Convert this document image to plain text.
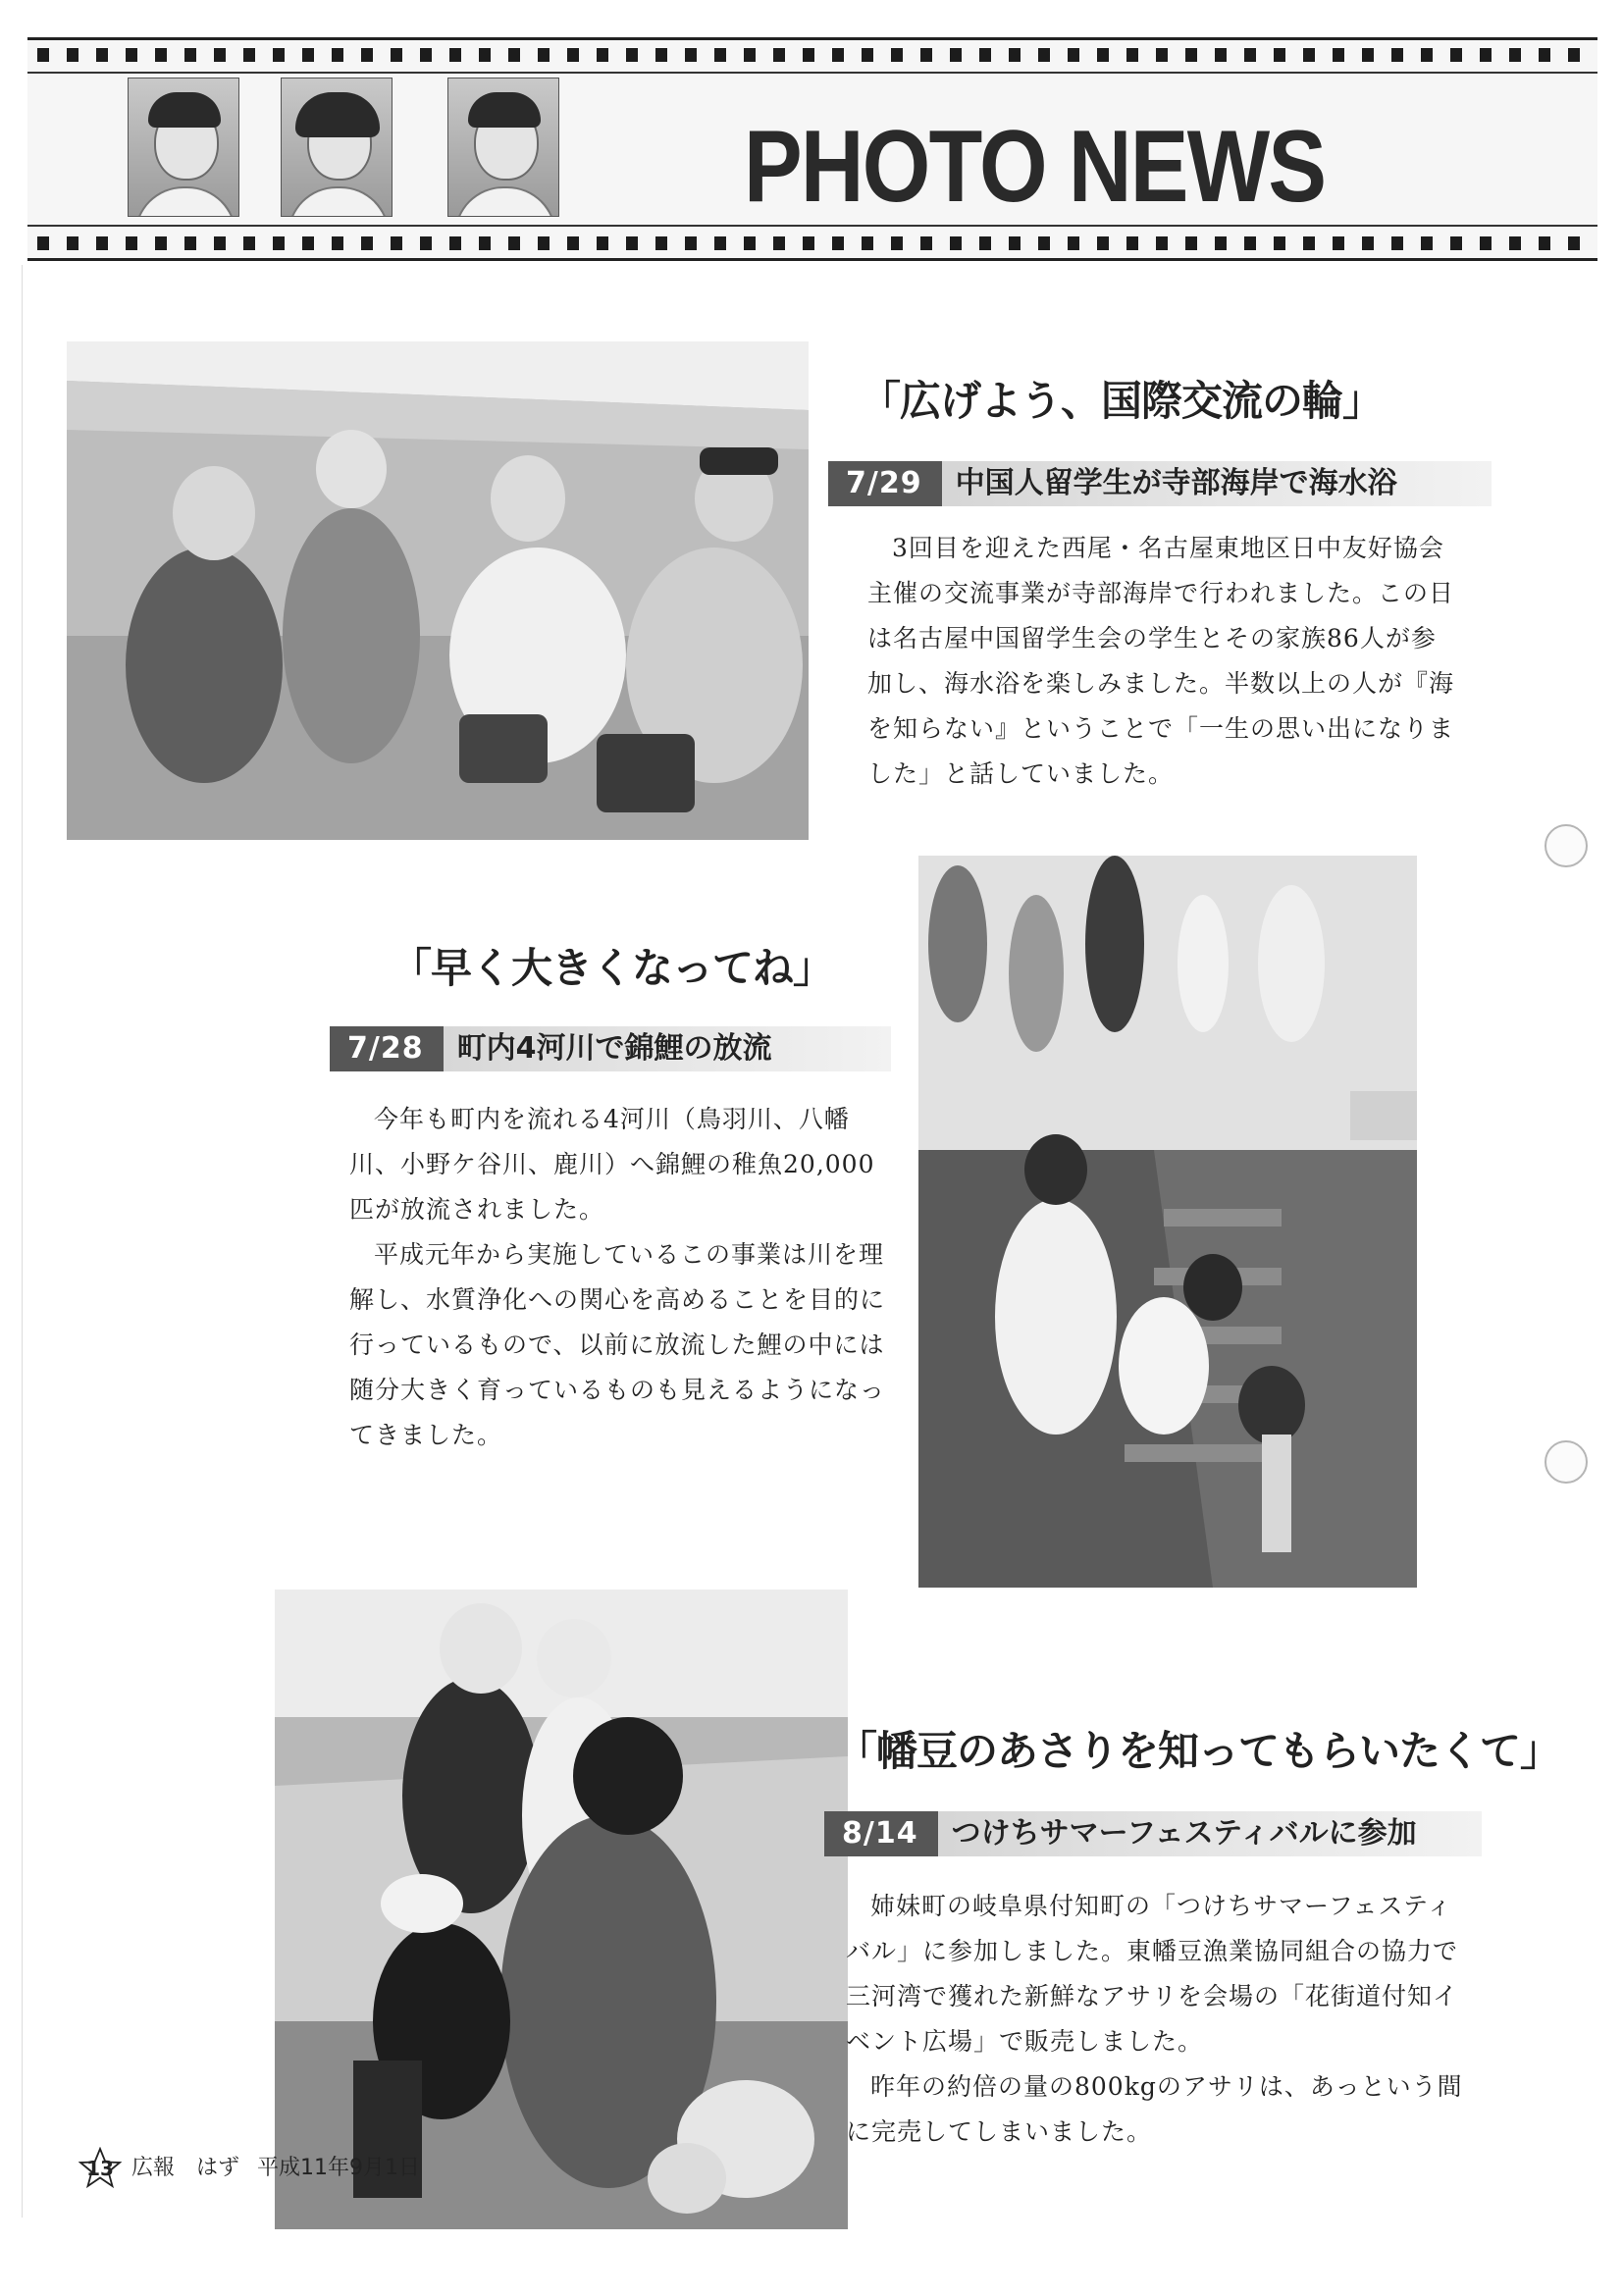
PHOTO NEWS
「広げよう、国際交流の輪」
7/29 中国人留学生が寺部海岸で海水浴

3回目を迎えた西尾・名古屋東地区日中友好協会主催の交流事業が寺部海岸で行われました。この日は名古屋中国留学生会の学生とその家族86人が参加し、海水浴を楽しみました。半数以上の人が『海を知らない』ということで「一生の思い出になりました」と話していました。

「早く大きくなってね」
7/28 町内4河川で錦鯉の放流

今年も町内を流れる4河川（鳥羽川、八幡川、小野ケ谷川、鹿川）へ錦鯉の稚魚20,000匹が放流されました。

平成元年から実施しているこの事業は川を理解し、水質浄化への関心を高めることを目的に行っているもので、以前に放流した鯉の中には随分大きく育っているものも見えるようになってきました。

「幡豆のあさりを知ってもらいたくて」
8/14 つけちサマーフェスティバルに参加

姉妹町の岐阜県付知町の「つけちサマーフェスティバル」に参加しました。東幡豆漁業協同組合の協力で三河湾で獲れた新鮮なアサリを会場の「花街道付知イベント広場」で販売しました。

昨年の約倍の量の800kgのアサリは、あっという間に完売してしまいました。

13 広報　はず 平成11年9月1日
